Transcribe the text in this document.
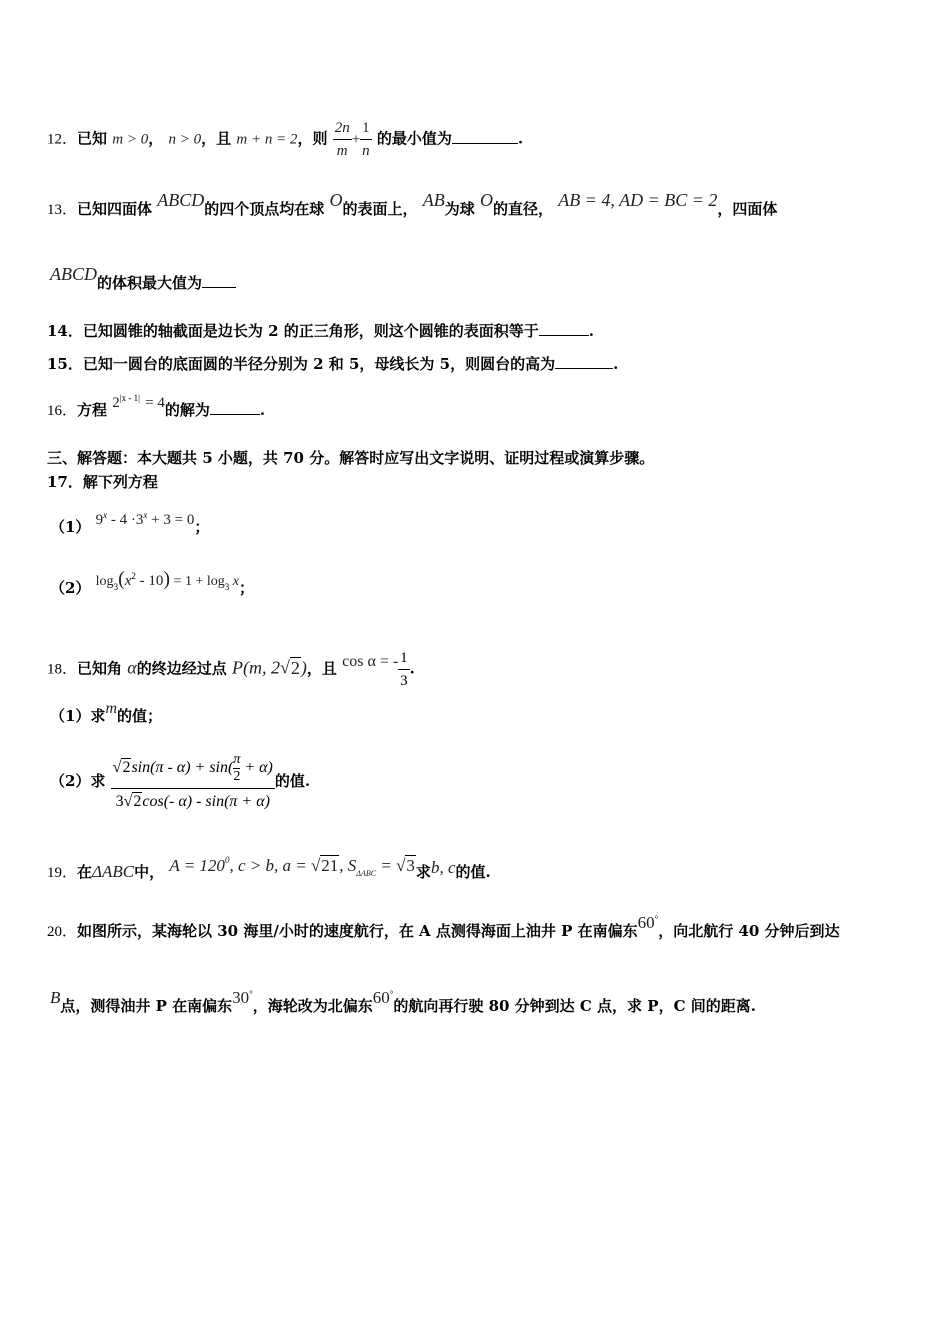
12．已知 m > 0， n > 0，且 m + n = 2，则 $\frac{2n}{m} + \frac{1}{n}$ 的最小值为	.
13．已知四面体 ABCD的四个顶点均在球 O的表面上， AB为球 O的直径， AB = 4, AD = BC = 2，四面体
ABCD的体积最大值为
14．已知圆锥的轴截面是边长为 2 的正三角形，则这个圆锥的表面积等于	.
15．已知一圆台的底面圆的半径分别为 2 和 5，母线长为 5，则圆台的高为	.
16．方程 $2^{|x - 1|} = 4$的解为	.
三、解答题：本大题共 5 小题，共 70 分。解答时应写出文字说明、证明过程或演算步骤。
17．解下列方程
（1） $9^x - 4 \cdot 3^x + 3 = 0$；
（2） $\log^3(x^2 - 10) = 1 + \log^3 x$；
18．已知角 α的终边经过点 P(m, 2√2)，且 cos α = - $\frac{1}{3}$ .
（1）求m的值；
（2）求 $\frac{√2\sin(\pi - \alpha) + \sin( \frac{\pi}{2} + \alpha)}{3√2\cos(- \alpha) - \sin(\pi + \alpha)}$ 的值.
19．在ΔABC中， $A = 120^0$, c > b, a = √21, $S_{\Delta ABC} = √3$求b, c的值.
20．如图所示，某海轮以 30 海里/小时的速度航行，在 A 点测得海面上油井 P 在南偏东60°，向北航行 40 分钟后到达
B点，测得油井 P 在南偏东30°，海轮改为北偏东60°的航向再行驶 80 分钟到达 C 点，求 P，C 间的距离.
